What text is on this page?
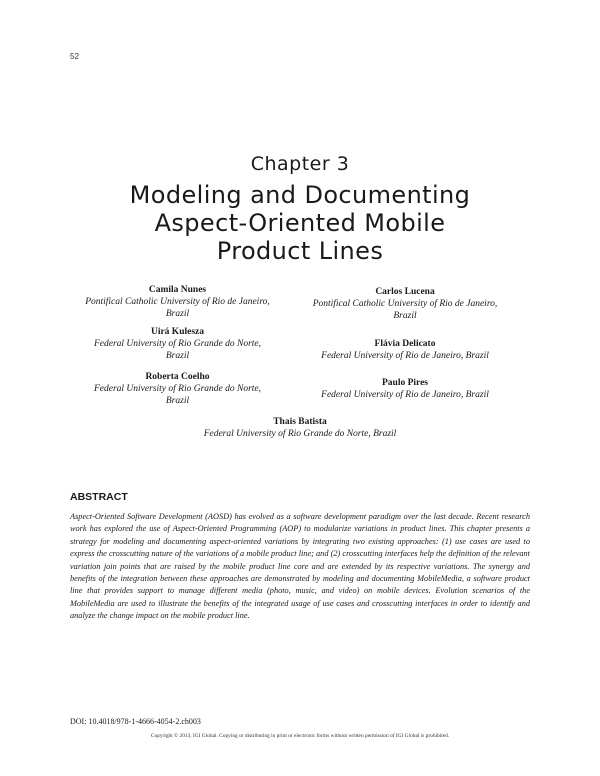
52
Chapter 3
Modeling and Documenting
Aspect-Oriented Mobile
Product Lines
Camila Nunes
Pontifical Catholic University of Rio de Janeiro,
Brazil
Carlos Lucena
Pontifical Catholic University of Rio de Janeiro,
Brazil
Uirá Kulesza
Federal University of Rio Grande do Norte,
Brazil
Flávia Delicato
Federal University of Rio de Janeiro, Brazil
Roberta Coelho
Federal University of Rio Grande do Norte,
Brazil
Paulo Pires
Federal University of Rio de Janeiro, Brazil
Thais Batista
Federal University of Rio Grande do Norte, Brazil
ABSTRACT

Aspect-Oriented Software Development (AOSD) has evolved as a software development paradigm over the last decade. Recent research work has explored the use of Aspect-Oriented Programming (AOP) to modularize variations in product lines. This chapter presents a strategy for modeling and documenting aspect-oriented variations by integrating two existing approaches: (1) use cases are used to express the crosscutting nature of the variations of a mobile product line; and (2) crosscutting interfaces help the definition of the relevant variation join points that are raised by the mobile product line core and are extended by its respective variations. The synergy and benefits of the integration between these approaches are demonstrated by modeling and documenting MobileMedia, a software product line that provides support to manage different media (photo, music, and video) on mobile devices. Evolution scenarios of the MobileMedia are used to illustrate the benefits of the integrated usage of use cases and crosscutting interfaces in order to identify and analyze the change impact on the mobile product line.

DOI: 10.4018/978-1-4666-4054-2.ch003
Copyright © 2013, IGI Global. Copying or distributing in print or electronic forms without written permission of IGI Global is prohibited.
